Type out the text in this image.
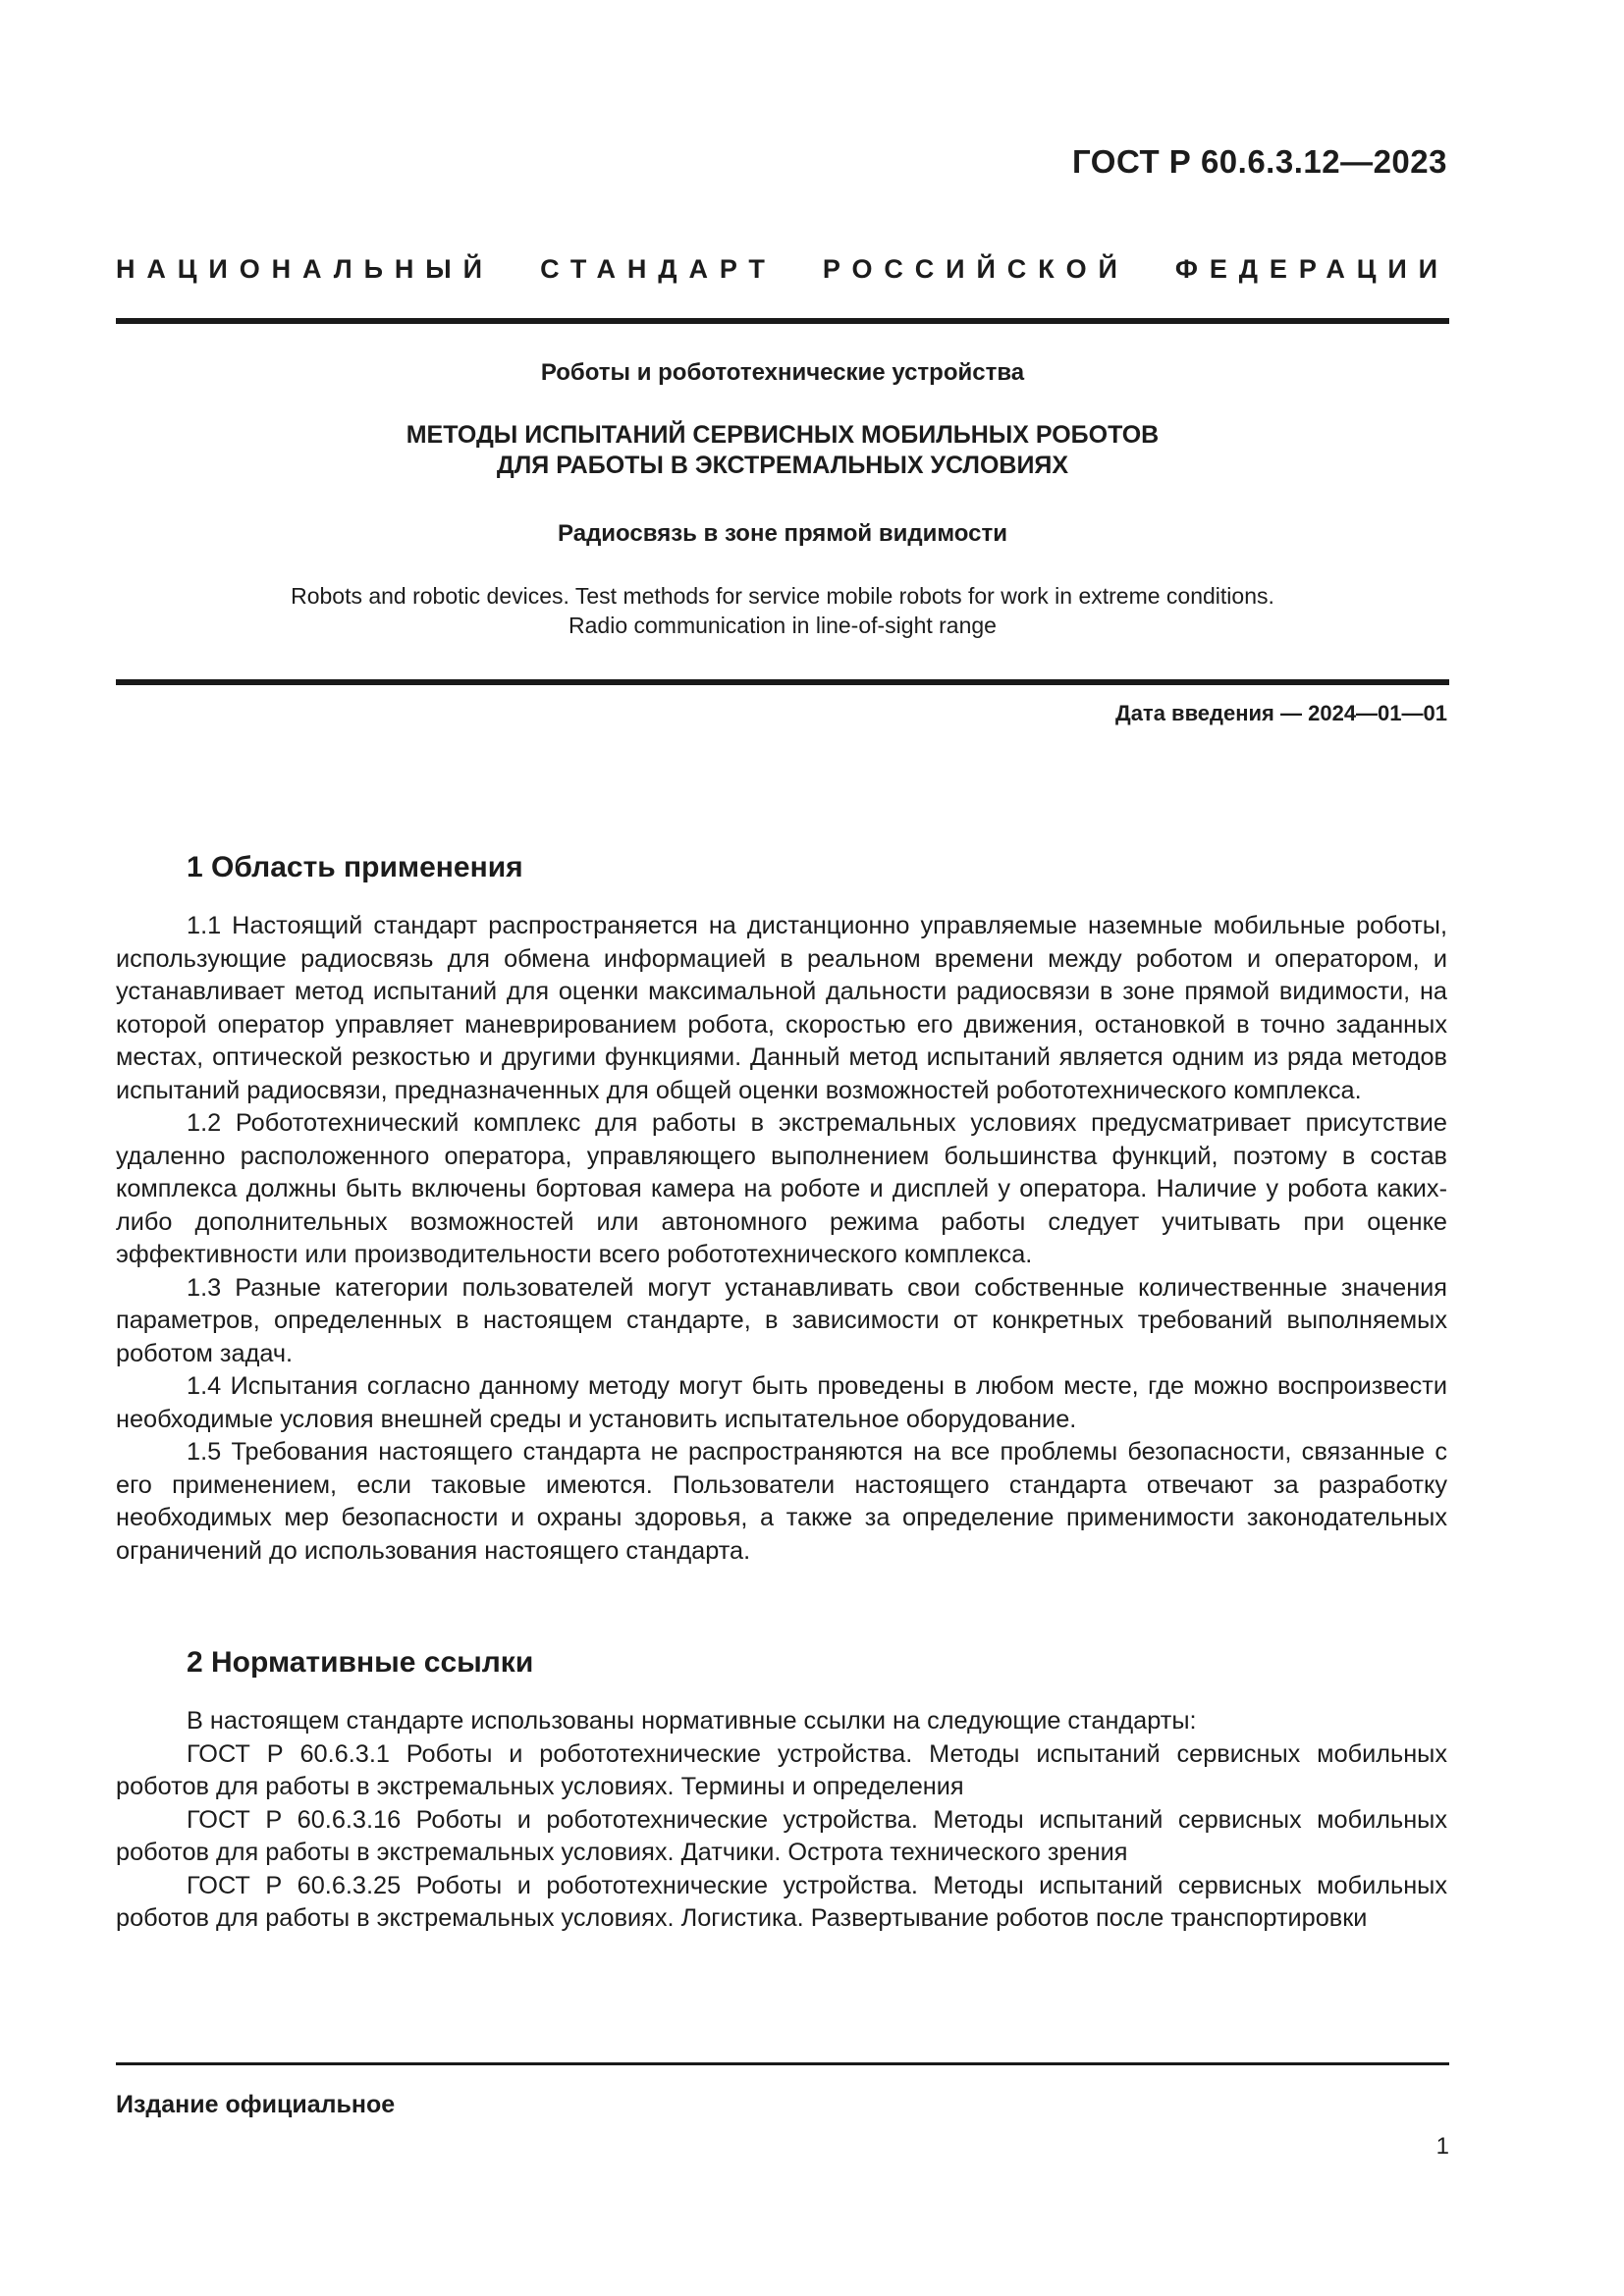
ГОСТ Р 60.6.3.12—2023
НАЦИОНАЛЬНЫЙ СТАНДАРТ РОССИЙСКОЙ ФЕДЕРАЦИИ
Роботы и робототехнические устройства
МЕТОДЫ ИСПЫТАНИЙ СЕРВИСНЫХ МОБИЛЬНЫХ РОБОТОВ
ДЛЯ РАБОТЫ В ЭКСТРЕМАЛЬНЫХ УСЛОВИЯХ
Радиосвязь в зоне прямой видимости
Robots and robotic devices. Test methods for service mobile robots for work in extreme conditions.
Radio communication in line-of-sight range
Дата введения — 2024—01—01
1 Область применения

1.1 Настоящий стандарт распространяется на дистанционно управляемые наземные мобильные роботы, использующие радиосвязь для обмена информацией в реальном времени между роботом и оператором, и устанавливает метод испытаний для оценки максимальной дальности радиосвязи в зоне прямой видимости, на которой оператор управляет маневрированием робота, скоростью его движения, остановкой в точно заданных местах, оптической резкостью и другими функциями. Данный метод испытаний является одним из ряда методов испытаний радиосвязи, предназначенных для общей оценки возможностей робототехнического комплекса.

1.2 Робототехнический комплекс для работы в экстремальных условиях предусматривает присутствие удаленно расположенного оператора, управляющего выполнением большинства функций, поэтому в состав комплекса должны быть включены бортовая камера на роботе и дисплей у оператора. Наличие у робота каких-либо дополнительных возможностей или автономного режима работы следует учитывать при оценке эффективности или производительности всего робототехнического комплекса.

1.3 Разные категории пользователей могут устанавливать свои собственные количественные значения параметров, определенных в настоящем стандарте, в зависимости от конкретных требований выполняемых роботом задач.

1.4 Испытания согласно данному методу могут быть проведены в любом месте, где можно воспроизвести необходимые условия внешней среды и установить испытательное оборудование.

1.5 Требования настоящего стандарта не распространяются на все проблемы безопасности, связанные с его применением, если таковые имеются. Пользователи настоящего стандарта отвечают за разработку необходимых мер безопасности и охраны здоровья, а также за определение применимости законодательных ограничений до использования настоящего стандарта.

2 Нормативные ссылки

В настоящем стандарте использованы нормативные ссылки на следующие стандарты:

ГОСТ Р 60.6.3.1 Роботы и робототехнические устройства. Методы испытаний сервисных мобильных роботов для работы в экстремальных условиях. Термины и определения

ГОСТ Р 60.6.3.16 Роботы и робототехнические устройства. Методы испытаний сервисных мобильных роботов для работы в экстремальных условиях. Датчики. Острота технического зрения

ГОСТ Р 60.6.3.25 Роботы и робототехнические устройства. Методы испытаний сервисных мобильных роботов для работы в экстремальных условиях. Логистика. Развертывание роботов после транспортировки

Издание официальное
1
